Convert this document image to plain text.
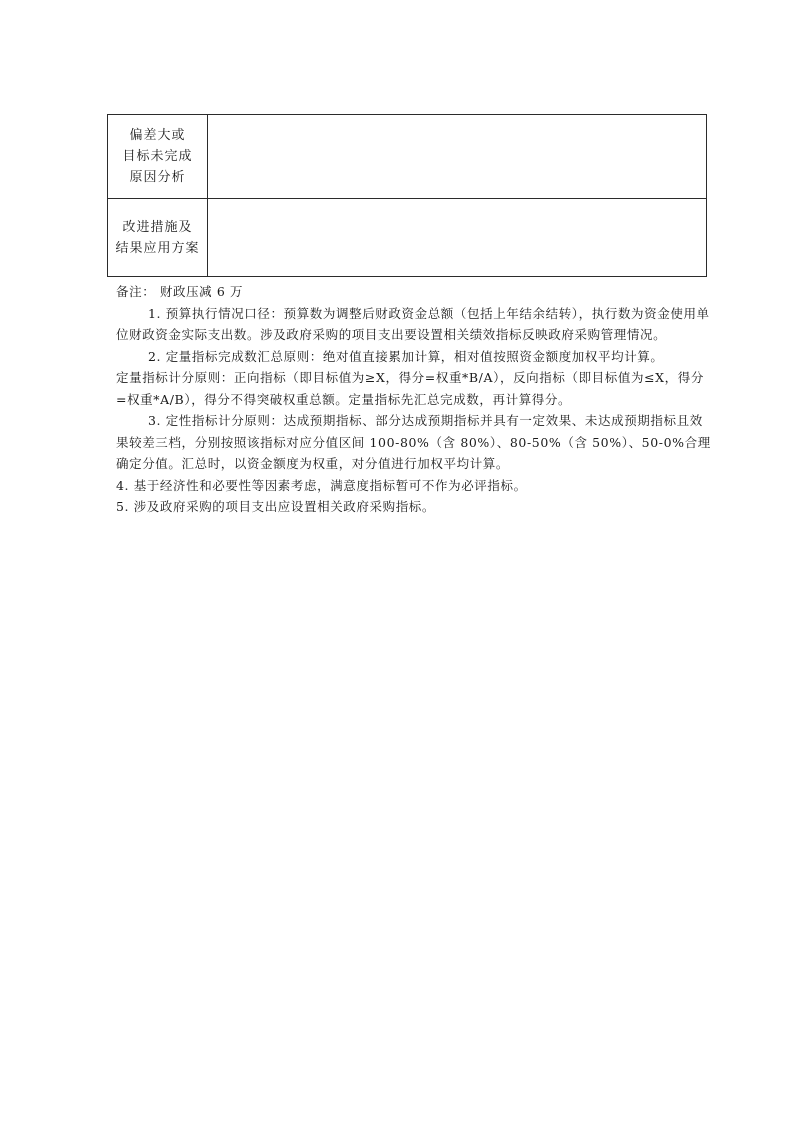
偏差大或
目标未完成
原因分析	

改进措施及
结果应用方案	

备注： 财政压减 6 万

1. 预算执行情况口径：预算数为调整后财政资金总额（包括上年结余结转），执行数为资金使用单位财政资金实际支出数。涉及政府采购的项目支出要设置相关绩效指标反映政府采购管理情况。

2. 定量指标完成数汇总原则：绝对值直接累加计算，相对值按照资金额度加权平均计算。

定量指标计分原则：正向指标（即目标值为≥X，得分=权重*B/A），反向指标（即目标值为≤X，得分=权重*A/B），得分不得突破权重总额。定量指标先汇总完成数，再计算得分。

3. 定性指标计分原则：达成预期指标、部分达成预期指标并具有一定效果、未达成预期指标且效果较差三档，分别按照该指标对应分值区间 100-80%（含 80%）、80-50%（含 50%）、50-0%合理确定分值。汇总时，以资金额度为权重，对分值进行加权平均计算。

4. 基于经济性和必要性等因素考虑，满意度指标暂可不作为必评指标。

5. 涉及政府采购的项目支出应设置相关政府采购指标。
